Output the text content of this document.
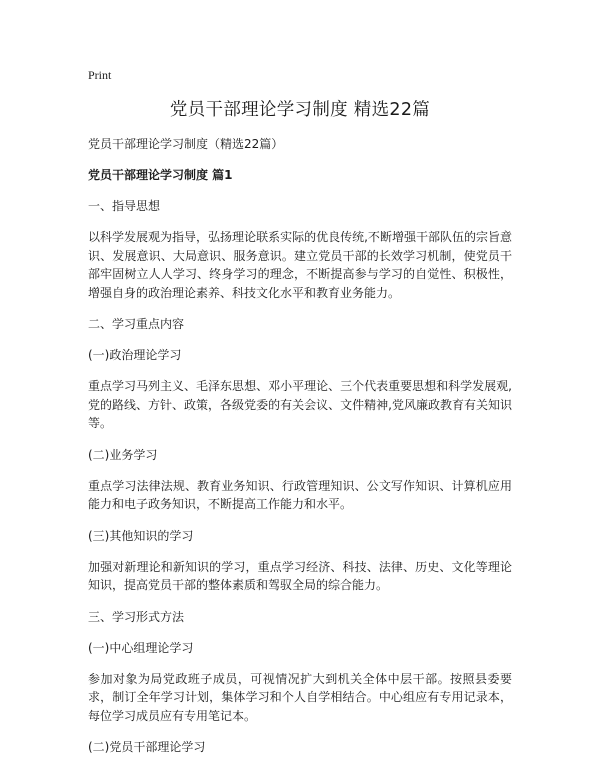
Print
党员干部理论学习制度 精选22篇
党员干部理论学习制度（精选22篇）
党员干部理论学习制度 篇1
一、指导思想
以科学发展观为指导，弘扬理论联系实际的优良传统,不断增强干部队伍的宗旨意识、发展意识、大局意识、服务意识。建立党员干部的长效学习机制，使党员干部牢固树立人人学习、终身学习的理念，不断提高参与学习的自觉性、积极性，增强自身的政治理论素养、科技文化水平和教育业务能力。
二、学习重点内容
(一)政治理论学习
重点学习马列主义、毛泽东思想、邓小平理论、三个代表重要思想和科学发展观,党的路线、方针、政策，各级党委的有关会议、文件精神,党风廉政教育有关知识等。
(二)业务学习
重点学习法律法规、教育业务知识、行政管理知识、公文写作知识、计算机应用能力和电子政务知识，不断提高工作能力和水平。
(三)其他知识的学习
加强对新理论和新知识的学习，重点学习经济、科技、法律、历史、文化等理论知识，提高党员干部的整体素质和驾驭全局的综合能力。
三、学习形式方法
(一)中心组理论学习
参加对象为局党政班子成员，可视情况扩大到机关全体中层干部。按照县委要求，制订全年学习计划，集体学习和个人自学相结合。中心组应有专用记录本，每位学习成员应有专用笔记本。
(二)党员干部理论学习
